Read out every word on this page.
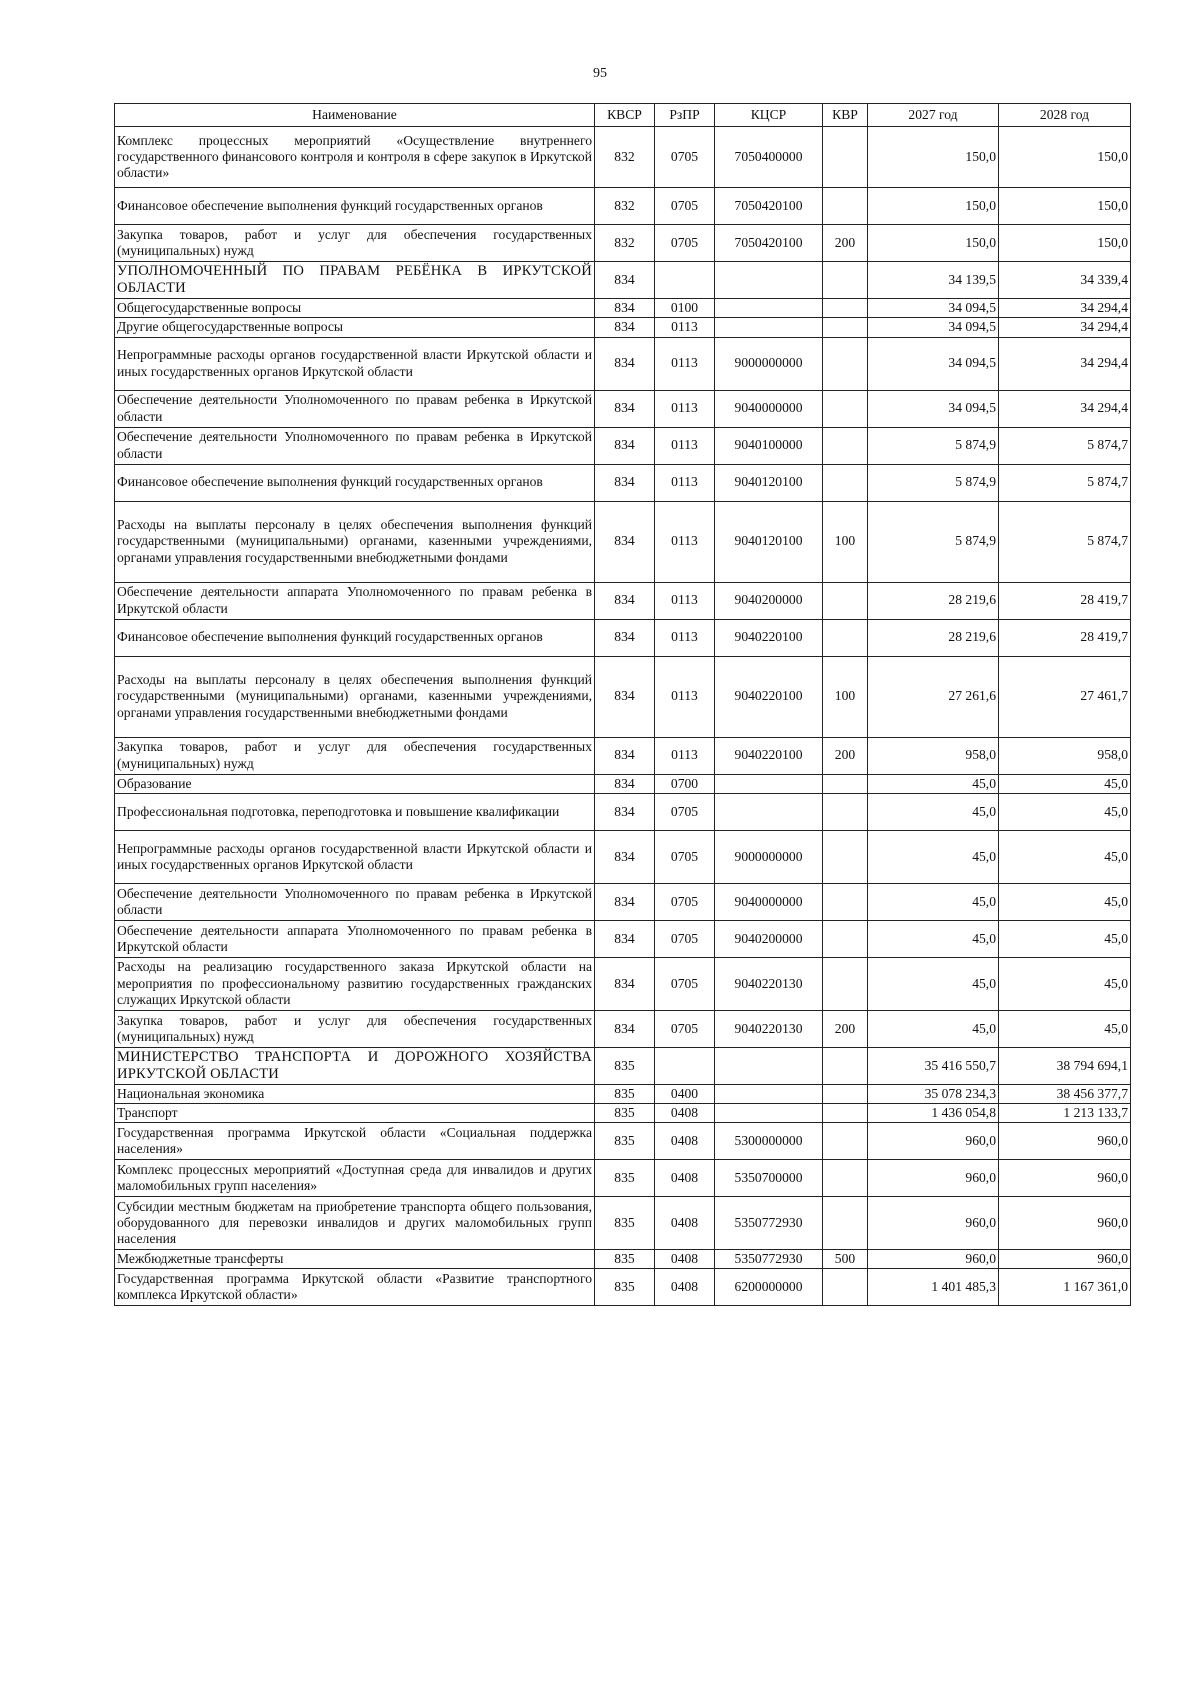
95
Наименование	КВСР	РзПР	КЦСР	КВР	2027 год	2028 год
Комплекс процессных мероприятий «Осуществление внутреннего государственного финансового контроля и контроля в сфере закупок в Иркутской области»	832	0705	7050400000		150,0	150,0
Финансовое обеспечение выполнения функций государственных органов	832	0705	7050420100		150,0	150,0
Закупка товаров, работ и услуг для обеспечения государственных (муниципальных) нужд	832	0705	7050420100	200	150,0	150,0
УПОЛНОМОЧЕННЫЙ ПО ПРАВАМ РЕБЁНКА В ИРКУТСКОЙ ОБЛАСТИ	834				34 139,5	34 339,4
Общегосударственные вопросы	834	0100			34 094,5	34 294,4
Другие общегосударственные вопросы	834	0113			34 094,5	34 294,4
Непрограммные расходы органов государственной власти Иркутской области и иных государственных органов Иркутской области	834	0113	9000000000		34 094,5	34 294,4
Обеспечение деятельности Уполномоченного по правам ребенка в Иркутской области	834	0113	9040000000		34 094,5	34 294,4
Обеспечение деятельности Уполномоченного по правам ребенка в Иркутской области	834	0113	9040100000		5 874,9	5 874,7
Финансовое обеспечение выполнения функций государственных органов	834	0113	9040120100		5 874,9	5 874,7
Расходы на выплаты персоналу в целях обеспечения выполнения функций государственными (муниципальными) органами, казенными учреждениями, органами управления государственными внебюджетными фондами	834	0113	9040120100	100	5 874,9	5 874,7
Обеспечение деятельности аппарата Уполномоченного по правам ребенка в Иркутской области	834	0113	9040200000		28 219,6	28 419,7
Финансовое обеспечение выполнения функций государственных органов	834	0113	9040220100		28 219,6	28 419,7
Расходы на выплаты персоналу в целях обеспечения выполнения функций государственными (муниципальными) органами, казенными учреждениями, органами управления государственными внебюджетными фондами	834	0113	9040220100	100	27 261,6	27 461,7
Закупка товаров, работ и услуг для обеспечения государственных (муниципальных) нужд	834	0113	9040220100	200	958,0	958,0
Образование	834	0700			45,0	45,0
Профессиональная подготовка, переподготовка и повышение квалификации	834	0705			45,0	45,0
Непрограммные расходы органов государственной власти Иркутской области и иных государственных органов Иркутской области	834	0705	9000000000		45,0	45,0
Обеспечение деятельности Уполномоченного по правам ребенка в Иркутской области	834	0705	9040000000		45,0	45,0
Обеспечение деятельности аппарата Уполномоченного по правам ребенка в Иркутской области	834	0705	9040200000		45,0	45,0
Расходы на реализацию государственного заказа Иркутской области на мероприятия по профессиональному развитию государственных гражданских служащих Иркутской области	834	0705	9040220130		45,0	45,0
Закупка товаров, работ и услуг для обеспечения государственных (муниципальных) нужд	834	0705	9040220130	200	45,0	45,0
МИНИСТЕРСТВО ТРАНСПОРТА И ДОРОЖНОГО ХОЗЯЙСТВА ИРКУТСКОЙ ОБЛАСТИ	835				35 416 550,7	38 794 694,1
Национальная экономика	835	0400			35 078 234,3	38 456 377,7
Транспорт	835	0408			1 436 054,8	1 213 133,7
Государственная программа Иркутской области «Социальная поддержка населения»	835	0408	5300000000		960,0	960,0
Комплекс процессных мероприятий «Доступная среда для инвалидов и других маломобильных групп населения»	835	0408	5350700000		960,0	960,0
Субсидии местным бюджетам на приобретение транспорта общего пользования, оборудованного для перевозки инвалидов и других маломобильных групп населения	835	0408	5350772930		960,0	960,0
Межбюджетные трансферты	835	0408	5350772930	500	960,0	960,0
Государственная программа Иркутской области «Развитие транспортного комплекса Иркутской области»	835	0408	6200000000		1 401 485,3	1 167 361,0
